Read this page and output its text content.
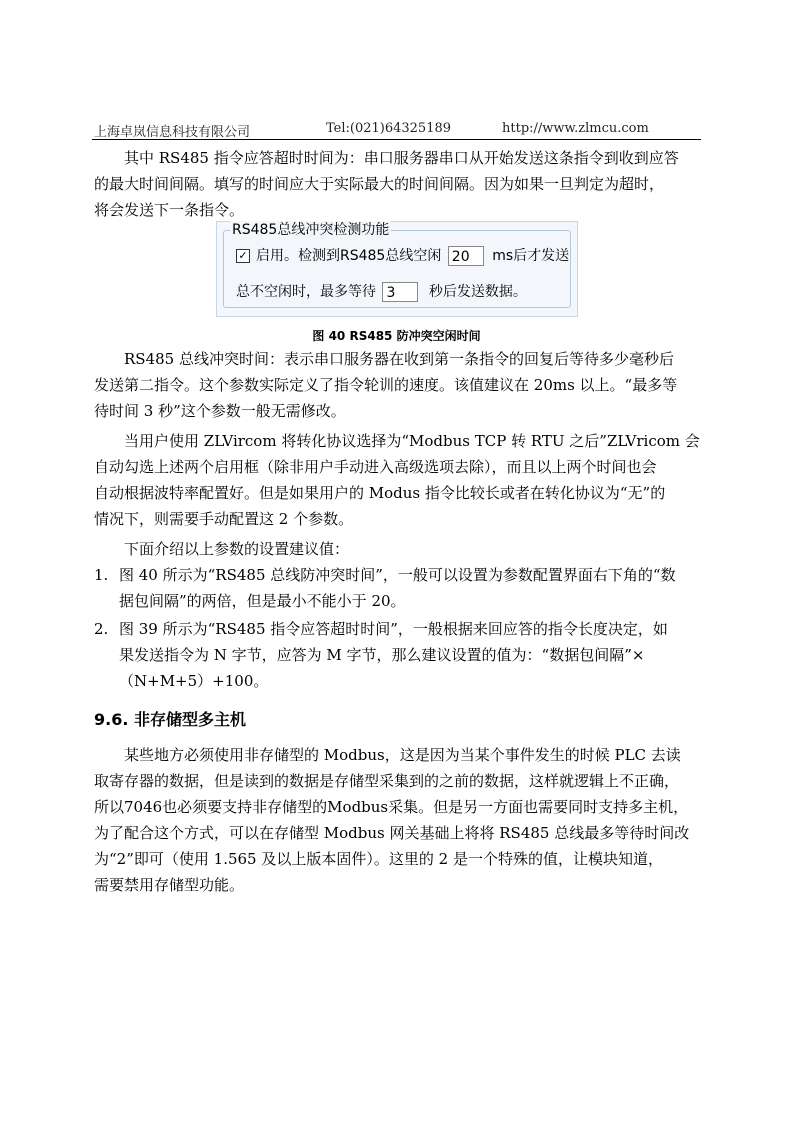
上海卓岚信息科技有限公司	Tel:(021)64325189	http://www.zlmcu.com
其中 RS485 指令应答超时时间为：串口服务器串口从开始发送这条指令到收到应答
的最大时间间隔。填写的时间应大于实际最大的时间间隔。因为如果一旦判定为超时，
将会发送下一条指令。
RS485总线冲突检测功能
✓ 启用。检测到RS485总线空闲 20 ms后才发送
总不空闲时，最多等待 3 秒后发送数据。
图 40 RS485 防冲突空闲时间
RS485 总线冲突时间：表示串口服务器在收到第一条指令的回复后等待多少毫秒后
发送第二指令。这个参数实际定义了指令轮训的速度。该值建议在 20ms 以上。“最多等
待时间 3 秒”这个参数一般无需修改。
当用户使用 ZLVircom 将转化协议选择为“Modbus TCP 转 RTU 之后”ZLVricom 会
自动勾选上述两个启用框（除非用户手动进入高级选项去除），而且以上两个时间也会
自动根据波特率配置好。但是如果用户的 Modus 指令比较长或者在转化协议为“无”的
情况下，则需要手动配置这 2 个参数。
下面介绍以上参数的设置建议值：
1. 图 40 所示为“RS485 总线防冲突时间”，一般可以设置为参数配置界面右下角的“数
据包间隔”的两倍，但是最小不能小于 20。
2. 图 39 所示为“RS485 指令应答超时时间”，一般根据来回应答的指令长度决定，如
果发送指令为 N 字节，应答为 M 字节，那么建议设置的值为：“数据包间隔”×
（N+M+5）+100。
9.6. 非存储型多主机
某些地方必须使用非存储型的 Modbus，这是因为当某个事件发生的时候 PLC 去读
取寄存器的数据，但是读到的数据是存储型采集到的之前的数据，这样就逻辑上不正确，
所以7046也必须要支持非存储型的Modbus采集。但是另一方面也需要同时支持多主机，
为了配合这个方式，可以在存储型 Modbus 网关基础上将将 RS485 总线最多等待时间改
为“2”即可（使用 1.565 及以上版本固件）。这里的 2 是一个特殊的值，让模块知道，
需要禁用存储型功能。
